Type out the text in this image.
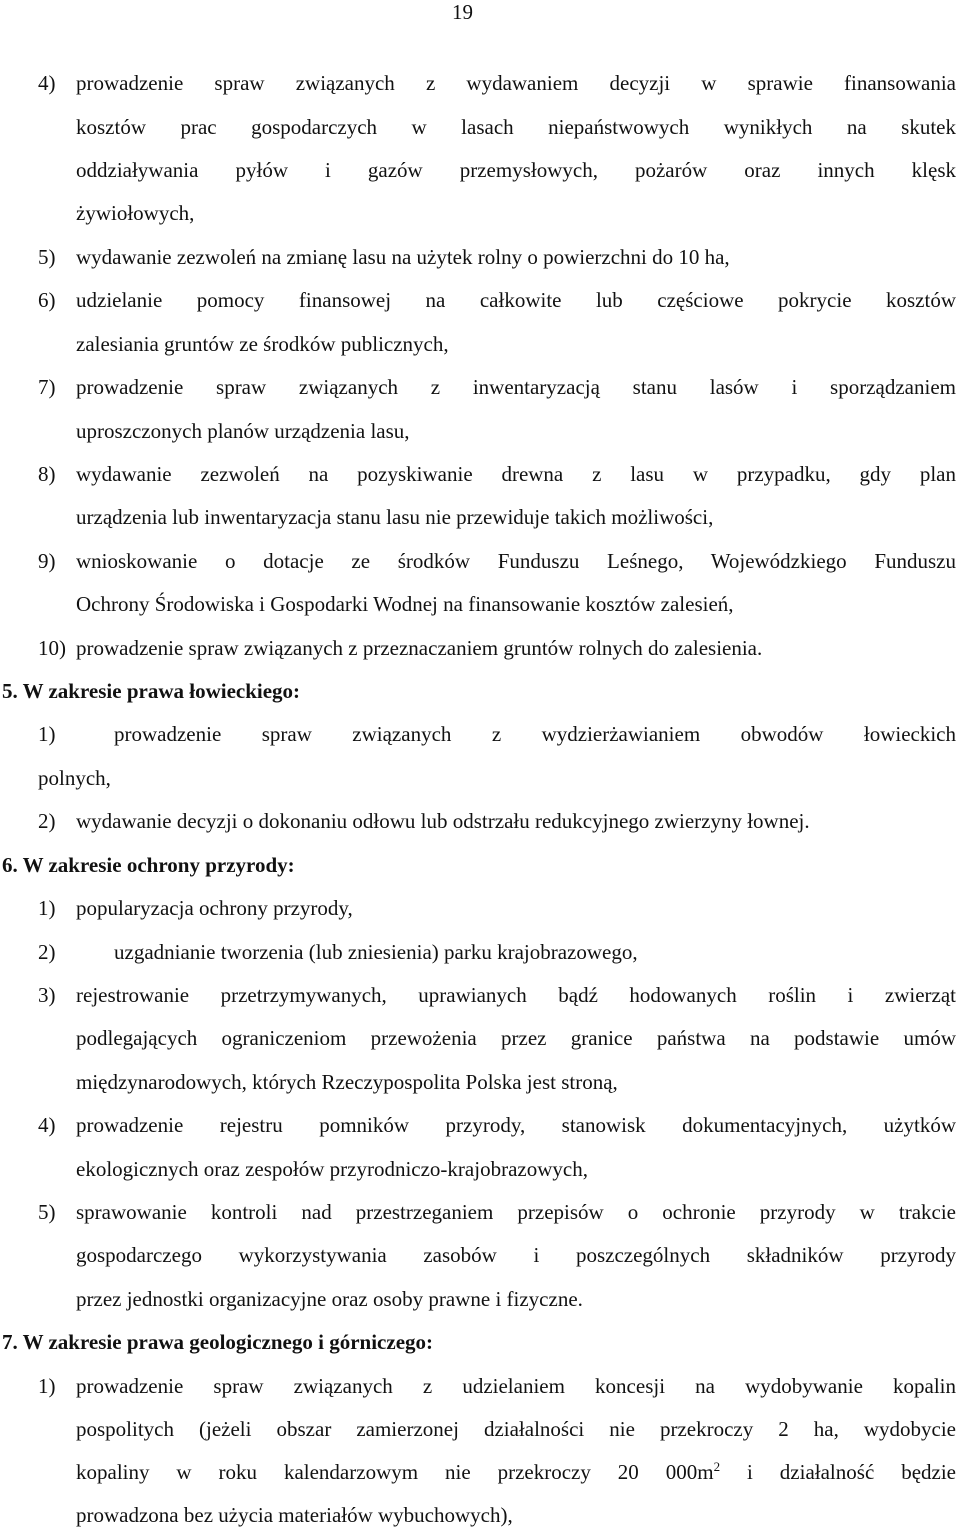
19
4) prowadzenie spraw związanych z wydawaniem decyzji w sprawie finansowania
kosztów prac gospodarczych w lasach niepaństwowych wynikłych na skutek
oddziaływania pyłów i gazów przemysłowych, pożarów oraz innych klęsk
żywiołowych,
5) wydawanie zezwoleń na zmianę lasu na użytek rolny o powierzchni do 10 ha,
6) udzielanie pomocy finansowej na całkowite lub częściowe pokrycie kosztów
zalesiania gruntów ze środków publicznych,
7) prowadzenie spraw związanych z inwentaryzacją stanu lasów i sporządzaniem
uproszczonych planów urządzenia lasu,
8) wydawanie zezwoleń na pozyskiwanie drewna z lasu w przypadku, gdy plan
urządzenia lub inwentaryzacja stanu lasu nie przewiduje takich możliwości,
9) wnioskowanie o dotacje ze środków Funduszu Leśnego, Wojewódzkiego Funduszu
Ochrony Środowiska i Gospodarki Wodnej na finansowanie kosztów zalesień,
10) prowadzenie spraw związanych z przeznaczaniem gruntów rolnych do zalesienia.
5. W zakresie prawa łowieckiego:
1)	prowadzenie spraw związanych z wydzierżawianiem obwodów łowieckich
polnych,
2) wydawanie decyzji o dokonaniu odłowu lub odstrzału redukcyjnego zwierzyny łownej.
6. W zakresie ochrony przyrody:
1) popularyzacja ochrony przyrody,
2)	uzgadnianie tworzenia (lub zniesienia) parku krajobrazowego,
3) rejestrowanie przetrzymywanych, uprawianych bądź hodowanych roślin i zwierząt
podlegających ograniczeniom przewożenia przez granice państwa na podstawie umów
międzynarodowych, których Rzeczypospolita Polska jest stroną,
4) prowadzenie rejestru pomników przyrody, stanowisk dokumentacyjnych, użytków
ekologicznych oraz zespołów przyrodniczo-krajobrazowych,
5) sprawowanie kontroli nad przestrzeganiem przepisów o ochronie przyrody w trakcie
gospodarczego wykorzystywania zasobów i poszczególnych składników przyrody
przez jednostki organizacyjne oraz osoby prawne i fizyczne.
7. W zakresie prawa geologicznego i górniczego:
1) prowadzenie spraw związanych z udzielaniem koncesji na wydobywanie kopalin
pospolitych (jeżeli obszar zamierzonej działalności nie przekroczy 2 ha, wydobycie
kopaliny w roku kalendarzowym nie przekroczy 20 $000m^2$ i działalność będzie
prowadzona bez użycia materiałów wybuchowych),
